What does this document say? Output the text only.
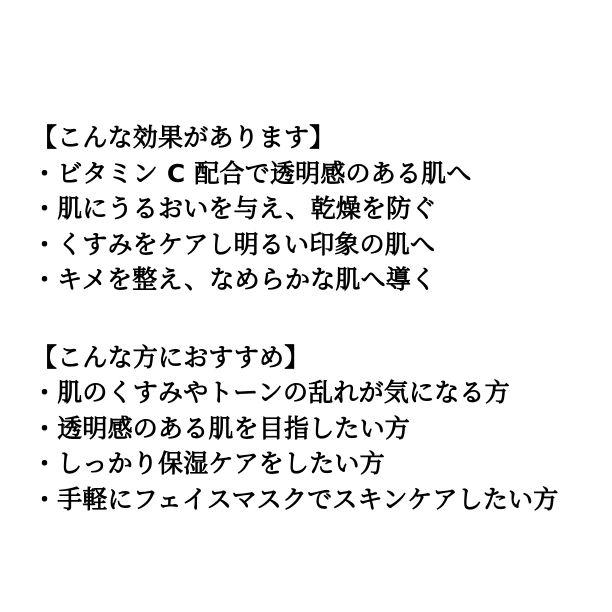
【こんな効果があります】
・ビタミン C 配合で透明感のある肌へ
・肌にうるおいを与え、乾燥を防ぐ
・くすみをケアし明るい印象の肌へ
・キメを整え、なめらかな肌へ導く
【こんな方におすすめ】
・肌のくすみやトーンの乱れが気になる方
・透明感のある肌を目指したい方
・しっかり保湿ケアをしたい方
・手軽にフェイスマスクでスキンケアしたい方
